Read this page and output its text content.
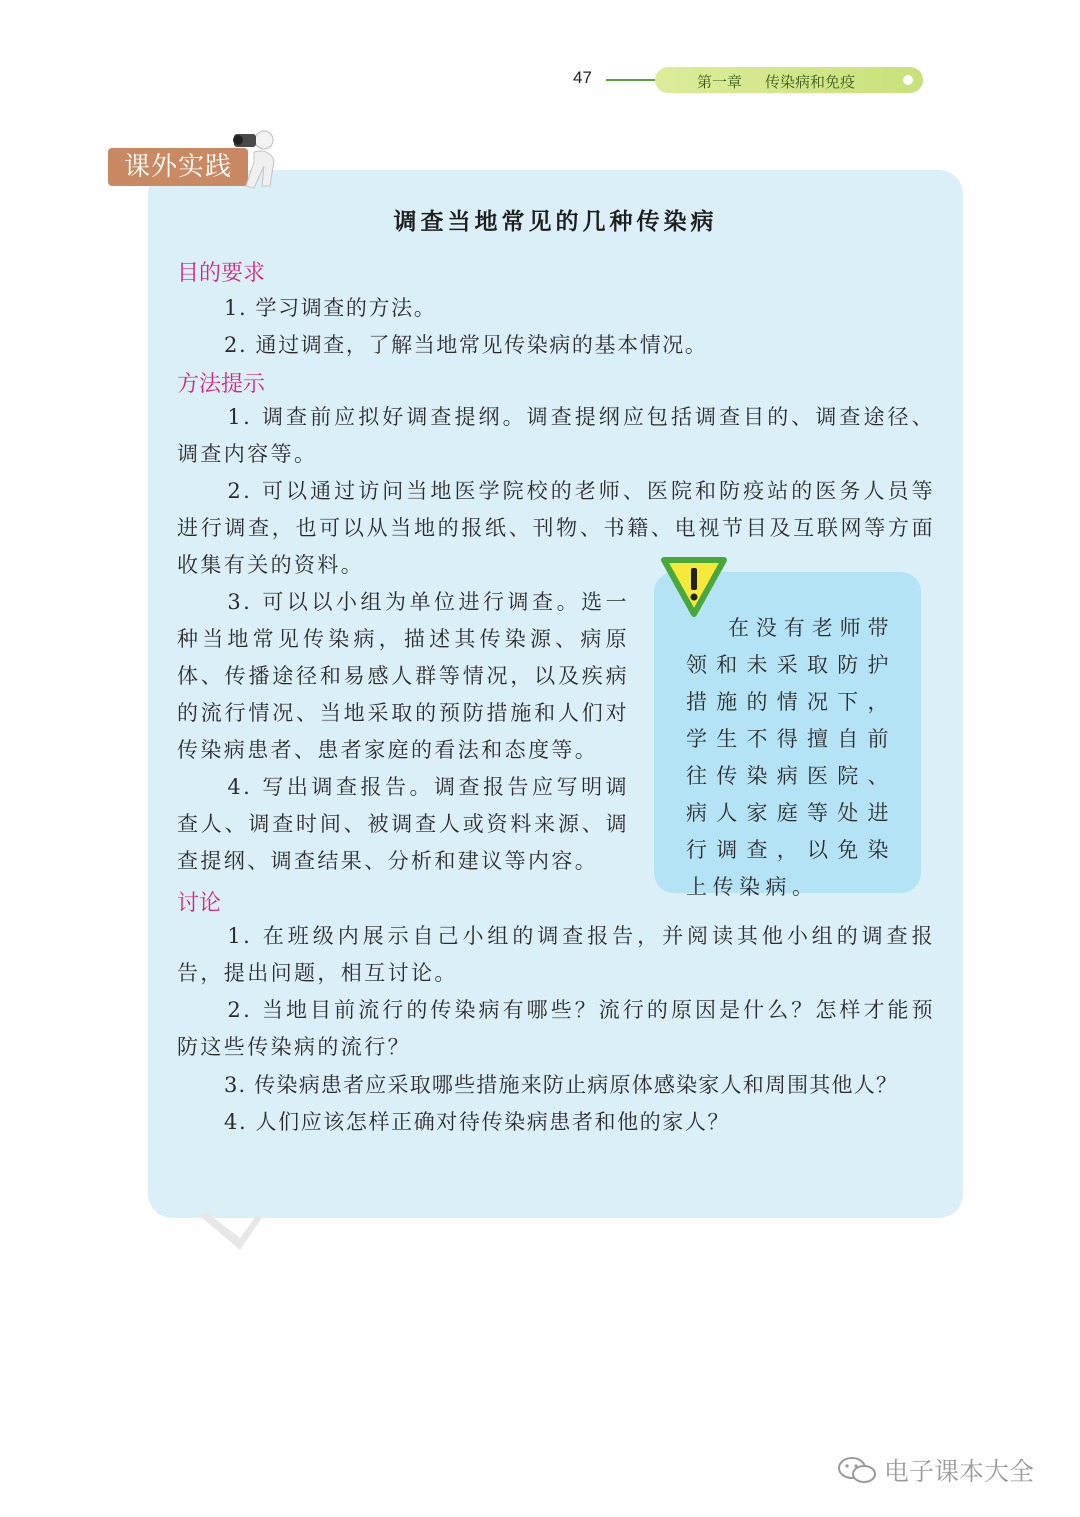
47	第一章 传染病和免疫
课外实践
调查当地常见的几种传染病
目的要求
1. 学习调查的方法。
2. 通过调查，了解当地常见传染病的基本情况。
方法提示
1. 调查前应拟好调查提纲。调查提纲应包括调查目的、调查途径、调查内容等。
2. 可以通过访问当地医学院校的老师、医院和防疫站的医务人员等进行调查，也可以从当地的报纸、刊物、书籍、电视节目及互联网等方面收集有关的资料。
3. 可以以小组为单位进行调查。选一种当地常见传染病，描述其传染源、病原体、传播途径和易感人群等情况，以及疾病的流行情况、当地采取的预防措施和人们对传染病患者、患者家庭的看法和态度等。
4. 写出调查报告。调查报告应写明调查人、调查时间、被调查人或资料来源、调查提纲、调查结果、分析和建议等内容。
在没有老师带领和未采取防护措施的情况下，学生不得擅自前往传染病医院、病人家庭等处进行调查，以免染上传染病。
讨论
1. 在班级内展示自己小组的调查报告，并阅读其他小组的调查报告，提出问题，相互讨论。
2. 当地目前流行的传染病有哪些？流行的原因是什么？怎样才能预防这些传染病的流行？
3. 传染病患者应采取哪些措施来防止病原体感染家人和周围其他人？
4. 人们应该怎样正确对待传染病患者和他的家人？
电子课本大全
